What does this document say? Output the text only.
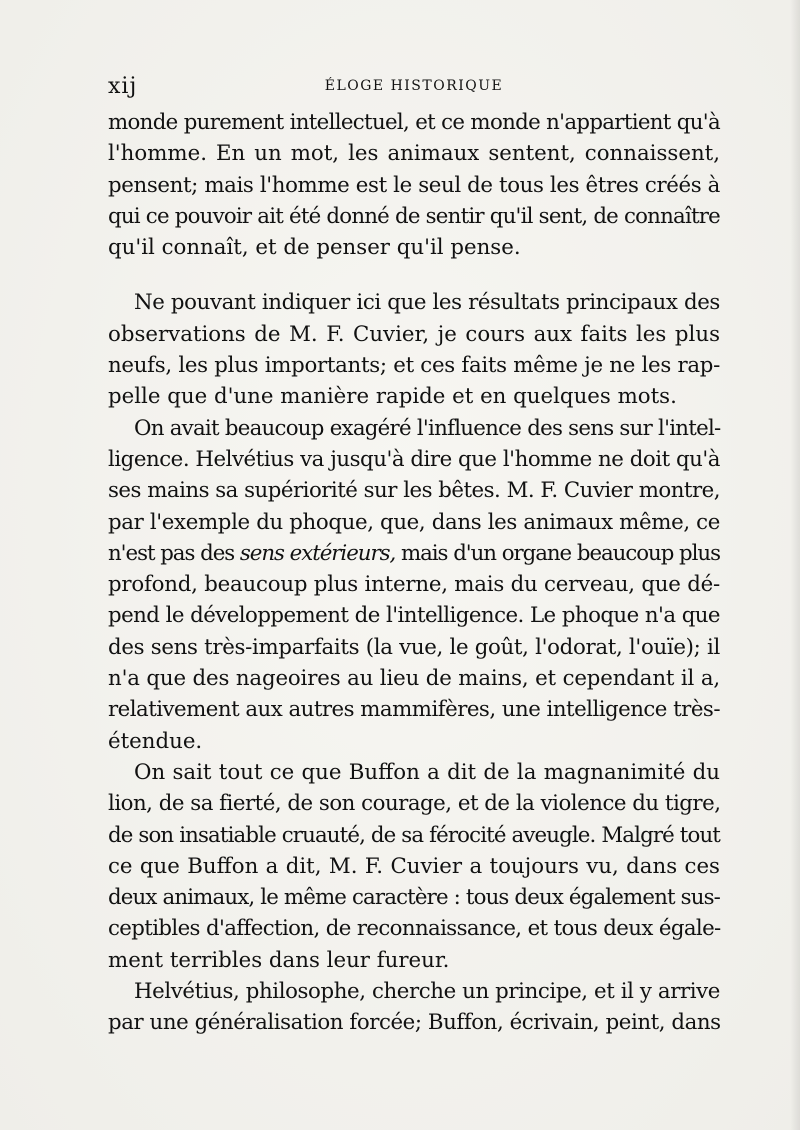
xij	ÉLOGE HISTORIQUE

monde purement intellectuel, et ce monde n'appartient qu'à
l'homme. En un mot, les animaux sentent, connaissent,
pensent; mais l'homme est le seul de tous les êtres créés à
qui ce pouvoir ait été donné de sentir qu'il sent, de connaître
qu'il connaît, et de penser qu'il pense.

Ne pouvant indiquer ici que les résultats principaux des
observations de M. F. Cuvier, je cours aux faits les plus
neufs, les plus importants; et ces faits même je ne les rap-
pelle que d'une manière rapide et en quelques mots.

On avait beaucoup exagéré l'influence des sens sur l'intel-
ligence. Helvétius va jusqu'à dire que l'homme ne doit qu'à
ses mains sa supériorité sur les bêtes. M. F. Cuvier montre,
par l'exemple du phoque, que, dans les animaux même, ce
n'est pas des sens extérieurs, mais d'un organe beaucoup plus
profond, beaucoup plus interne, mais du cerveau, que dé-
pend le développement de l'intelligence. Le phoque n'a que
des sens très-imparfaits (la vue, le goût, l'odorat, l'ouïe); il
n'a que des nageoires au lieu de mains, et cependant il a,
relativement aux autres mammifères, une intelligence très-
étendue.

On sait tout ce que Buffon a dit de la magnanimité du
lion, de sa fierté, de son courage, et de la violence du tigre,
de son insatiable cruauté, de sa férocité aveugle. Malgré tout
ce que Buffon a dit, M. F. Cuvier a toujours vu, dans ces
deux animaux, le même caractère : tous deux également sus-
ceptibles d'affection, de reconnaissance, et tous deux égale-
ment terribles dans leur fureur.

Helvétius, philosophe, cherche un principe, et il y arrive
par une généralisation forcée; Buffon, écrivain, peint, dans
